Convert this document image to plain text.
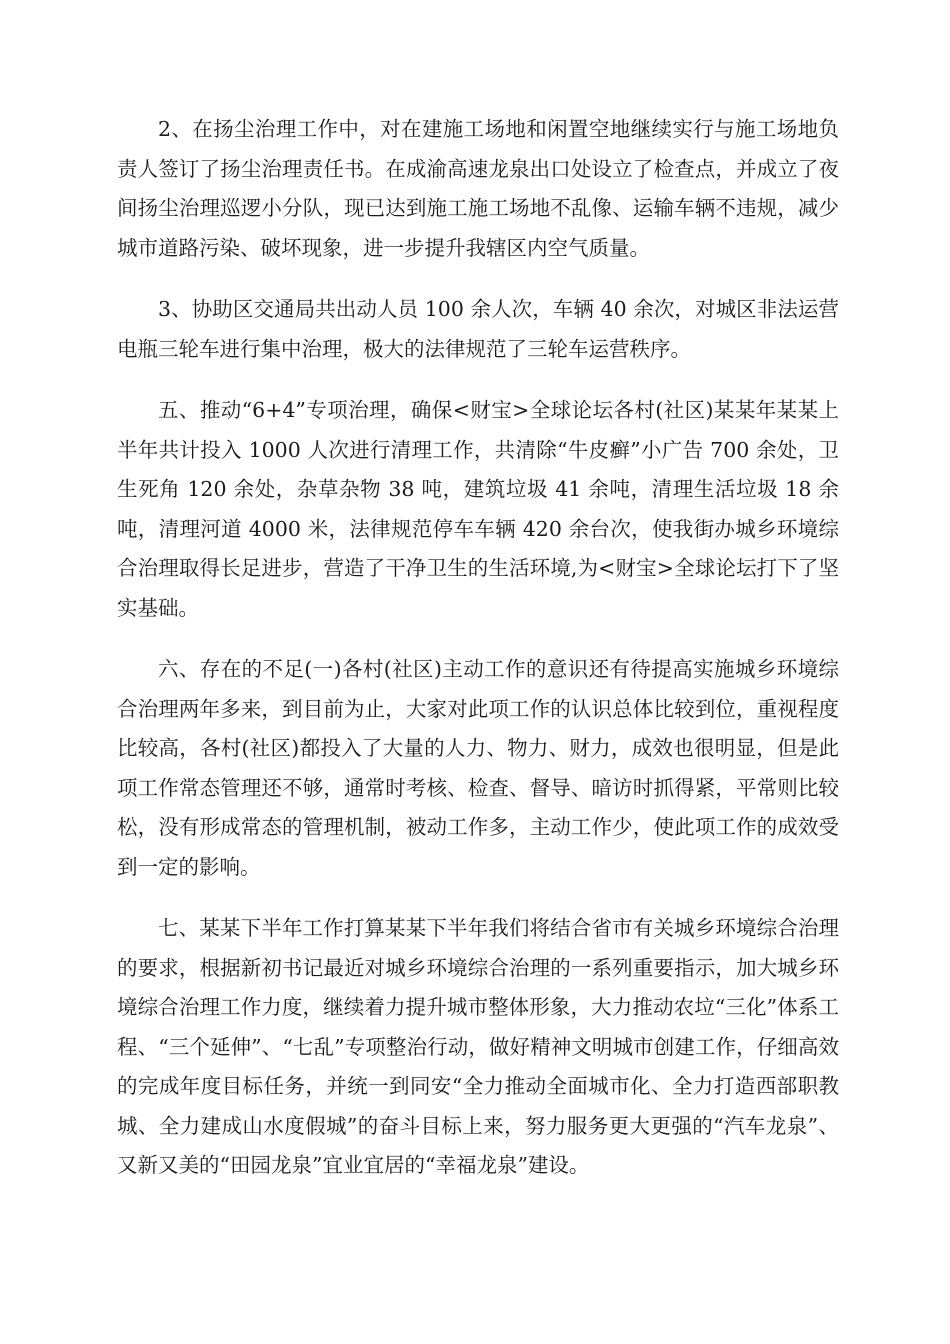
2、在扬尘治理工作中，对在建施工场地和闲置空地继续实行与施工场地负责人签订了扬尘治理责任书。在成渝高速龙泉出口处设立了检查点，并成立了夜间扬尘治理巡逻小分队，现已达到施工施工场地不乱像、运输车辆不违规，减少城市道路污染、破坏现象，进一步提升我辖区内空气质量。

3、协助区交通局共出动人员 100 余人次，车辆 40 余次，对城区非法运营电瓶三轮车进行集中治理，极大的法律规范了三轮车运营秩序。

五、推动“6+4”专项治理，确保<财宝>全球论坛各村(社区)某某年某某上半年共计投入 1000 人次进行清理工作，共清除“牛皮癣”小广告 700 余处，卫生死角 120 余处，杂草杂物 38 吨，建筑垃圾 41 余吨，清理生活垃圾 18 余吨，清理河道 4000 米，法律规范停车车辆 420 余台次，使我街办城乡环境综合治理取得长足进步，营造了干净卫生的生活环境,为<财宝>全球论坛打下了坚实基础。

六、存在的不足(一)各村(社区)主动工作的意识还有待提高实施城乡环境综合治理两年多来，到目前为止，大家对此项工作的认识总体比较到位，重视程度比较高，各村(社区)都投入了大量的人力、物力、财力，成效也很明显，但是此项工作常态管理还不够，通常时考核、检查、督导、暗访时抓得紧，平常则比较松，没有形成常态的管理机制，被动工作多，主动工作少，使此项工作的成效受到一定的影响。

七、某某下半年工作打算某某下半年我们将结合省市有关城乡环境综合治理的要求，根据新初书记最近对城乡环境综合治理的一系列重要指示，加大城乡环境综合治理工作力度，继续着力提升城市整体形象，大力推动农垃“三化”体系工程、“三个延伸”、“七乱”专项整治行动，做好精神文明城市创建工作，仔细高效的完成年度目标任务，并统一到同安“全力推动全面城市化、全力打造西部职教城、全力建成山水度假城”的奋斗目标上来，努力服务更大更强的“汽车龙泉”、又新又美的“田园龙泉”宜业宜居的“幸福龙泉”建设。
